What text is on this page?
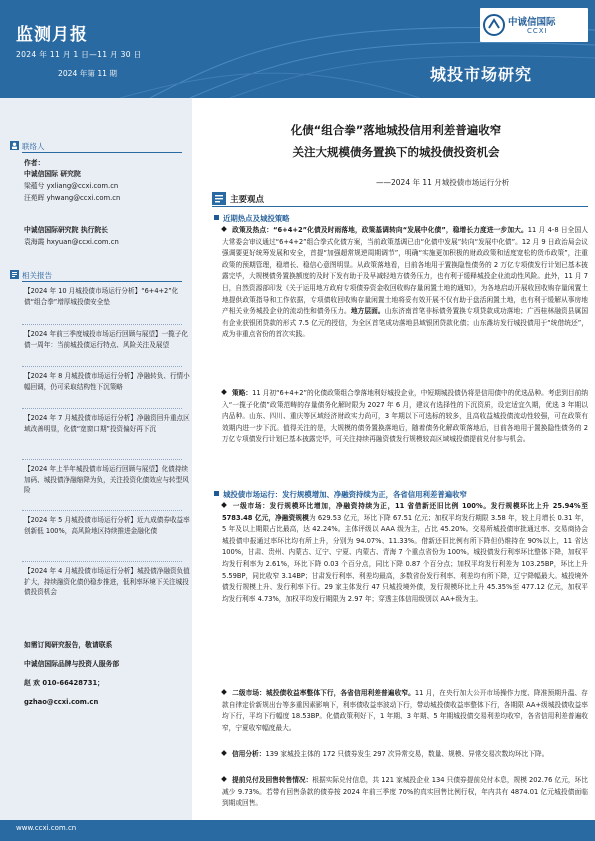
监测月报
2024 年 11 月 1 日—11 月 30 日
2024 年第 11 期
中诚信国际
CCXI
城投市场研究
联络人
作者：
中诚信国际 研究院
梁蕴兮 yxliang@ccxi.com.cn
汪苑晖 yhwang@ccxi.com.cn
中诚信国际研究院 执行院长
袁海霞 hxyuan@ccxi.com.cn
相关报告
【2024 年 10 月城投债市场运行分析】“6+4+2”化债“组合拳”增厚城投债安全垫
【2024 年前三季度城投市场运行回顾与展望】一揽子化债一周年：当前城投债运行特点、风险关注及展望
【2024 年 8 月城投债市场运行分析】净融转负、行情小幅回调，仍可采取结构性下沉策略
【2024 年 7 月城投债市场运行分析】净融资回升重点区域改善明显，化债“宽窗口期”投资偏好再下沉
【2024 年上半年城投债市场运行回顾与展望】化债持续加码、城投债净融缩降为负，关注投资化债效应与转型风险
【2024 年 5 月城投债市场运行分析】近九成债券收益率创新低 100%，高风险地区持续推进金融化债
【2024 年 4 月城投债市场运行分析】城投债净融资负值扩大，持续融资化债仍稳步推进，低利率环境下关注城投债投资机会
如需订阅研究报告，敬请联系
中诚信国际品牌与投资人服务部
赵 欢 010-66428731；
gzhao@ccxi.com.cn
化债“组合拳”落地城投信用利差普遍收窄
关注大规模债务置换下的城投债投资机会
——2024 年 11 月城投债市场运行分析
主要观点
近期热点及城投策略
政策及热点：“6+4+2”化债及时雨落地，政策基调转向“发展中化债”，稳增长力度进一步加大。11 月 4-8 日全国人大常委会审议通过“6+4+2”组合拳式化债方案，当前政策基调已由“化债中发展”转向“发展中化债”。12 月 9 日政治局会议强调要更好统筹发展和安全，首提“加强超常规逆周期调节”，明确“实施更加积极的财政政策和适度宽松的货币政策”，注重政策的预期管理，稳增长、稳信心意图明显。从政策落地看，目前各地用于置换隐性债务的 2 万亿专项债发行计划已基本披露完毕，大规模债务置换额度的及时下发有助于及早减轻地方债务压力，也有利于缓释城投企业流动性风险。此外，11 月 7 日，自然资源部印发《关于运用地方政府专项债券资金收回收购存量闲置土地的通知》，为各地启动开展收回收购存量闲置土地提供政策指导和工作依据，专项债收回收购存量闲置土地将妥有效开展不仅有助于盘活闲置土地，也有利于缓解从事房地产相关业务城投企业的流动性和债务压力。地方层面。山东济南首笔非标债务置换专项贷款成功落地；广西桂林融资县属国有企业获银团贷款的形式 7.5 亿元的授信，为全区首笔成功落地县域银团贷款化债；山东潍坊发行城投债用于“统借统还”，成为非重点省份的首次实践。
策略：11 月初“6+4+2”的化债政策组合拳落地利好城投企业，中短期城投债仍将是信用债中的优选品种。考虑到目前纳入“一揽子化债”政策范畴的存量债务化解时限为 2027 年 6 月，建议有选择性的下沉资质，设定适宜久期，优选 3 年期以内品种。山东、四川、重庆等区域经济财政实力尚可，3 年期以下可选标的较多，且高收益城投债流动性较强，可在政策有效期内进一步下沉。值得关注的是，大规模的债务置换落地后，随着债务化解政策落地后，目前各地用于置换隐性债务的 2 万亿专项债发行计划已基本披露完毕，可关注持续再融资债发行规模较高区域城投债提前兑付参与机会。
城投债市场运行：发行规模增加、净融资持续为正，各省信用利差普遍收窄
一级市场：发行规模环比增加，净融资持续为正，11 省借新还旧比例 100%。发行规模环比上升 25.94%至 5783.48 亿元，净融资规模为 629.53 亿元，环比下降 67.51 亿元；加权平均发行期限 3.58 年，较上月增长 0.31 年，5 年及以上期限占比最高，达 42.24%。主体评级以 AAA 级为主，占比 45.20%。交易所城投债审批通过率、交易商协会城投债申报通过率环比均有所上升，分别为 94.07%、11.33%。借新还旧比例有所下降但仍维持在 90%以上，11 省达 100%，甘肃、贵州、内蒙古、辽宁、宁夏、内蒙古、青海 7 个重点省份为 100%。城投债发行利率环比整体下降，加权平均发行利率为 2.61%，环比下降 0.03 个百分点，同比下降 0.87 个百分点；加权平均发行利差为 103.25BP，环比上升 5.59BP，同比收窄 3.14BP；甘肃发行利率、利差均最高，多数省份发行利率、利差均有所下降，辽宁降幅最大。城投境外债发行规模上升、发行利率下行。29 家主体发行 47 只城投境外债，发行规模环比上升 45.35%至 477.12 亿元，加权平均发行利率 4.73%，加权平均发行期限为 2.97 年；穿透主体信用级别以 AA+级为主。
二级市场：城投债收益率整体下行，各省信用利差普遍收窄。11 月，在央行加大公开市场操作力度、降准预期升温、存款自律定价新规出台等多重因素影响下，利率债收益率波动下行，带动城投债收益率整体下行，各期限 AA+级城投债收益率均下行，平均下行幅度 18.53BP。化债政策利好下，1 年期、3 年期、5 年期城投债交易利差均收窄，各省信用利差普遍收窄，宁夏收窄幅度最大。
信用分析：139 家城投主体的 172 只债券发生 297 次异常交易，数量、规模、异常交易次数均环比下降。
提前兑付及回售转售情况：根据实际兑付信息，共 121 家城投企业 134 只债券提前兑付本息，规模 202.76 亿元，环比减少 9.73%。若带有回售条款的债券按 2024 年前三季度 70%的真实回售比例行权，年内共有 4874.01 亿元城投债面临到期或回售。
www.ccxi.com.cn
